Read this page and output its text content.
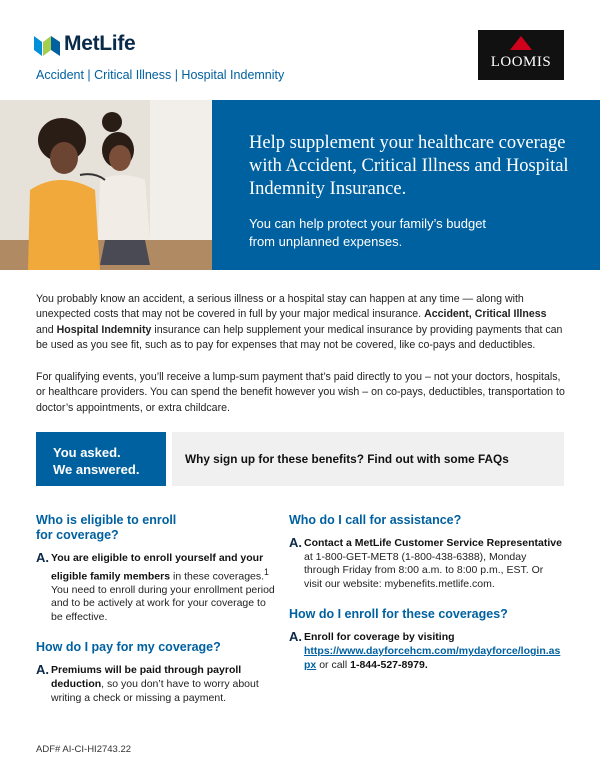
MetLife
Accident | Critical Illness | Hospital Indemnity
LOOMIS
Help supplement your healthcare coverage with Accident, Critical Illness and Hospital Indemnity Insurance.
You can help protect your family’s budget
from unplanned expenses.
You probably know an accident, a serious illness or a hospital stay can happen at any time — along with unexpected costs that may not be covered in full by your major medical insurance. Accident, Critical Illness
and Hospital Indemnity insurance can help supplement your medical insurance by providing payments that can be used as you see fit, such as to pay for expenses that may not be covered, like co-pays and deductibles.
For qualifying events, you’ll receive a lump-sum payment that’s paid directly to you – not your doctors, hospitals, or healthcare providers. You can spend the benefit however you wish – on co-pays, deductibles, transportation to doctor’s appointments, or extra childcare.
You asked.
We answered.
Why sign up for these benefits? Find out with some FAQs
Who is eligible to enroll
for coverage?
A. You are eligible to enroll yourself and your eligible family members in these coverages.$^1$ You need to enroll during your enrollment period and to be actively at work for your coverage to be effective.
How do I pay for my coverage?
A. Premiums will be paid through payroll deduction, so you don’t have to worry about writing a check or missing a payment.
Who do I call for assistance?
A. Contact a MetLife Customer Service Representative at 1-800-GET-MET8 (1-800-438-6388), Monday through Friday from 8:00 a.m. to 8:00 p.m., EST. Or visit our website: mybenefits.metlife.com.
How do I enroll for these coverages?
A. Enroll for coverage by visiting
https://www.dayforcehcm.com/mydayforce/login.aspx or call 1-844-527-8979.
ADF# AI-CI-HI2743.22
